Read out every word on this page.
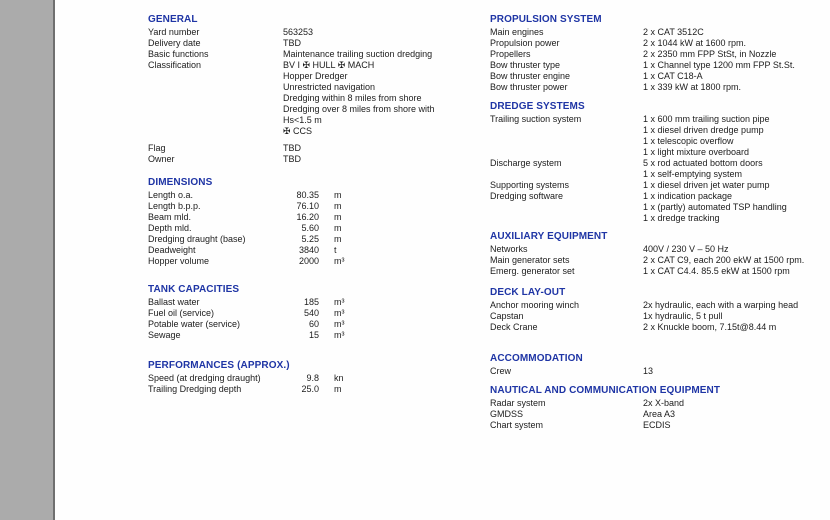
GENERAL
Yard number	563253
Delivery date	TBD
Basic functions	Maintenance trailing suction dredging
Classification	BV I ✠ HULL ✠ MACH
Hopper Dredger
Unrestricted navigation
Dredging within 8 miles from shore
Dredging over 8 miles from shore with
Hs<1.5 m
✠ CCS
Flag	TBD
Owner	TBD
DIMENSIONS
Length o.a.	80.35 m
Length b.p.p.	76.10 m
Beam mld.	16.20 m
Depth mld.	5.60 m
Dredging draught (base)	5.25 m
Deadweight	3840 t
Hopper volume	2000 m³
TANK CAPACITIES
Ballast water	185 m³
Fuel oil (service)	540 m³
Potable water (service)	60 m³
Sewage	15 m³
PERFORMANCES (APPROX.)
Speed (at dredging draught)	9.8 kn
Trailing Dredging depth	25.0 m
PROPULSION SYSTEM
Main engines	2 x CAT 3512C
Propulsion power	2 x 1044 kW at 1600 rpm.
Propellers	2 x 2350 mm FPP StSt, in Nozzle
Bow thruster type	1 x Channel type 1200 mm FPP St.St.
Bow thruster engine	1 x CAT C18-A
Bow thruster power	1 x 339 kW at 1800 rpm.
DREDGE SYSTEMS
Trailing suction system	1 x 600 mm trailing suction pipe
1 x diesel driven dredge pump
1 x telescopic overflow
1 x light mixture overboard
Discharge system	5 x rod actuated bottom doors
1 x self-emptying system
Supporting systems	1 x diesel driven jet water pump
Dredging software	1 x indication package
1 x (partly) automated TSP handling
1 x dredge tracking
AUXILIARY EQUIPMENT
Networks	400V / 230 V – 50 Hz
Main generator sets	2 x CAT C9, each 200 ekW at 1500 rpm.
Emerg. generator set	1 x CAT C4.4. 85.5 ekW at 1500 rpm
DECK LAY-OUT
Anchor mooring winch	2x hydraulic, each with a warping head
Capstan	1x hydraulic, 5 t pull
Deck Crane	2 x Knuckle boom, 7.15t@8.44 m
ACCOMMODATION
Crew	13
NAUTICAL AND COMMUNICATION EQUIPMENT
Radar system	2x X-band
GMDSS	Area A3
Chart system	ECDIS
